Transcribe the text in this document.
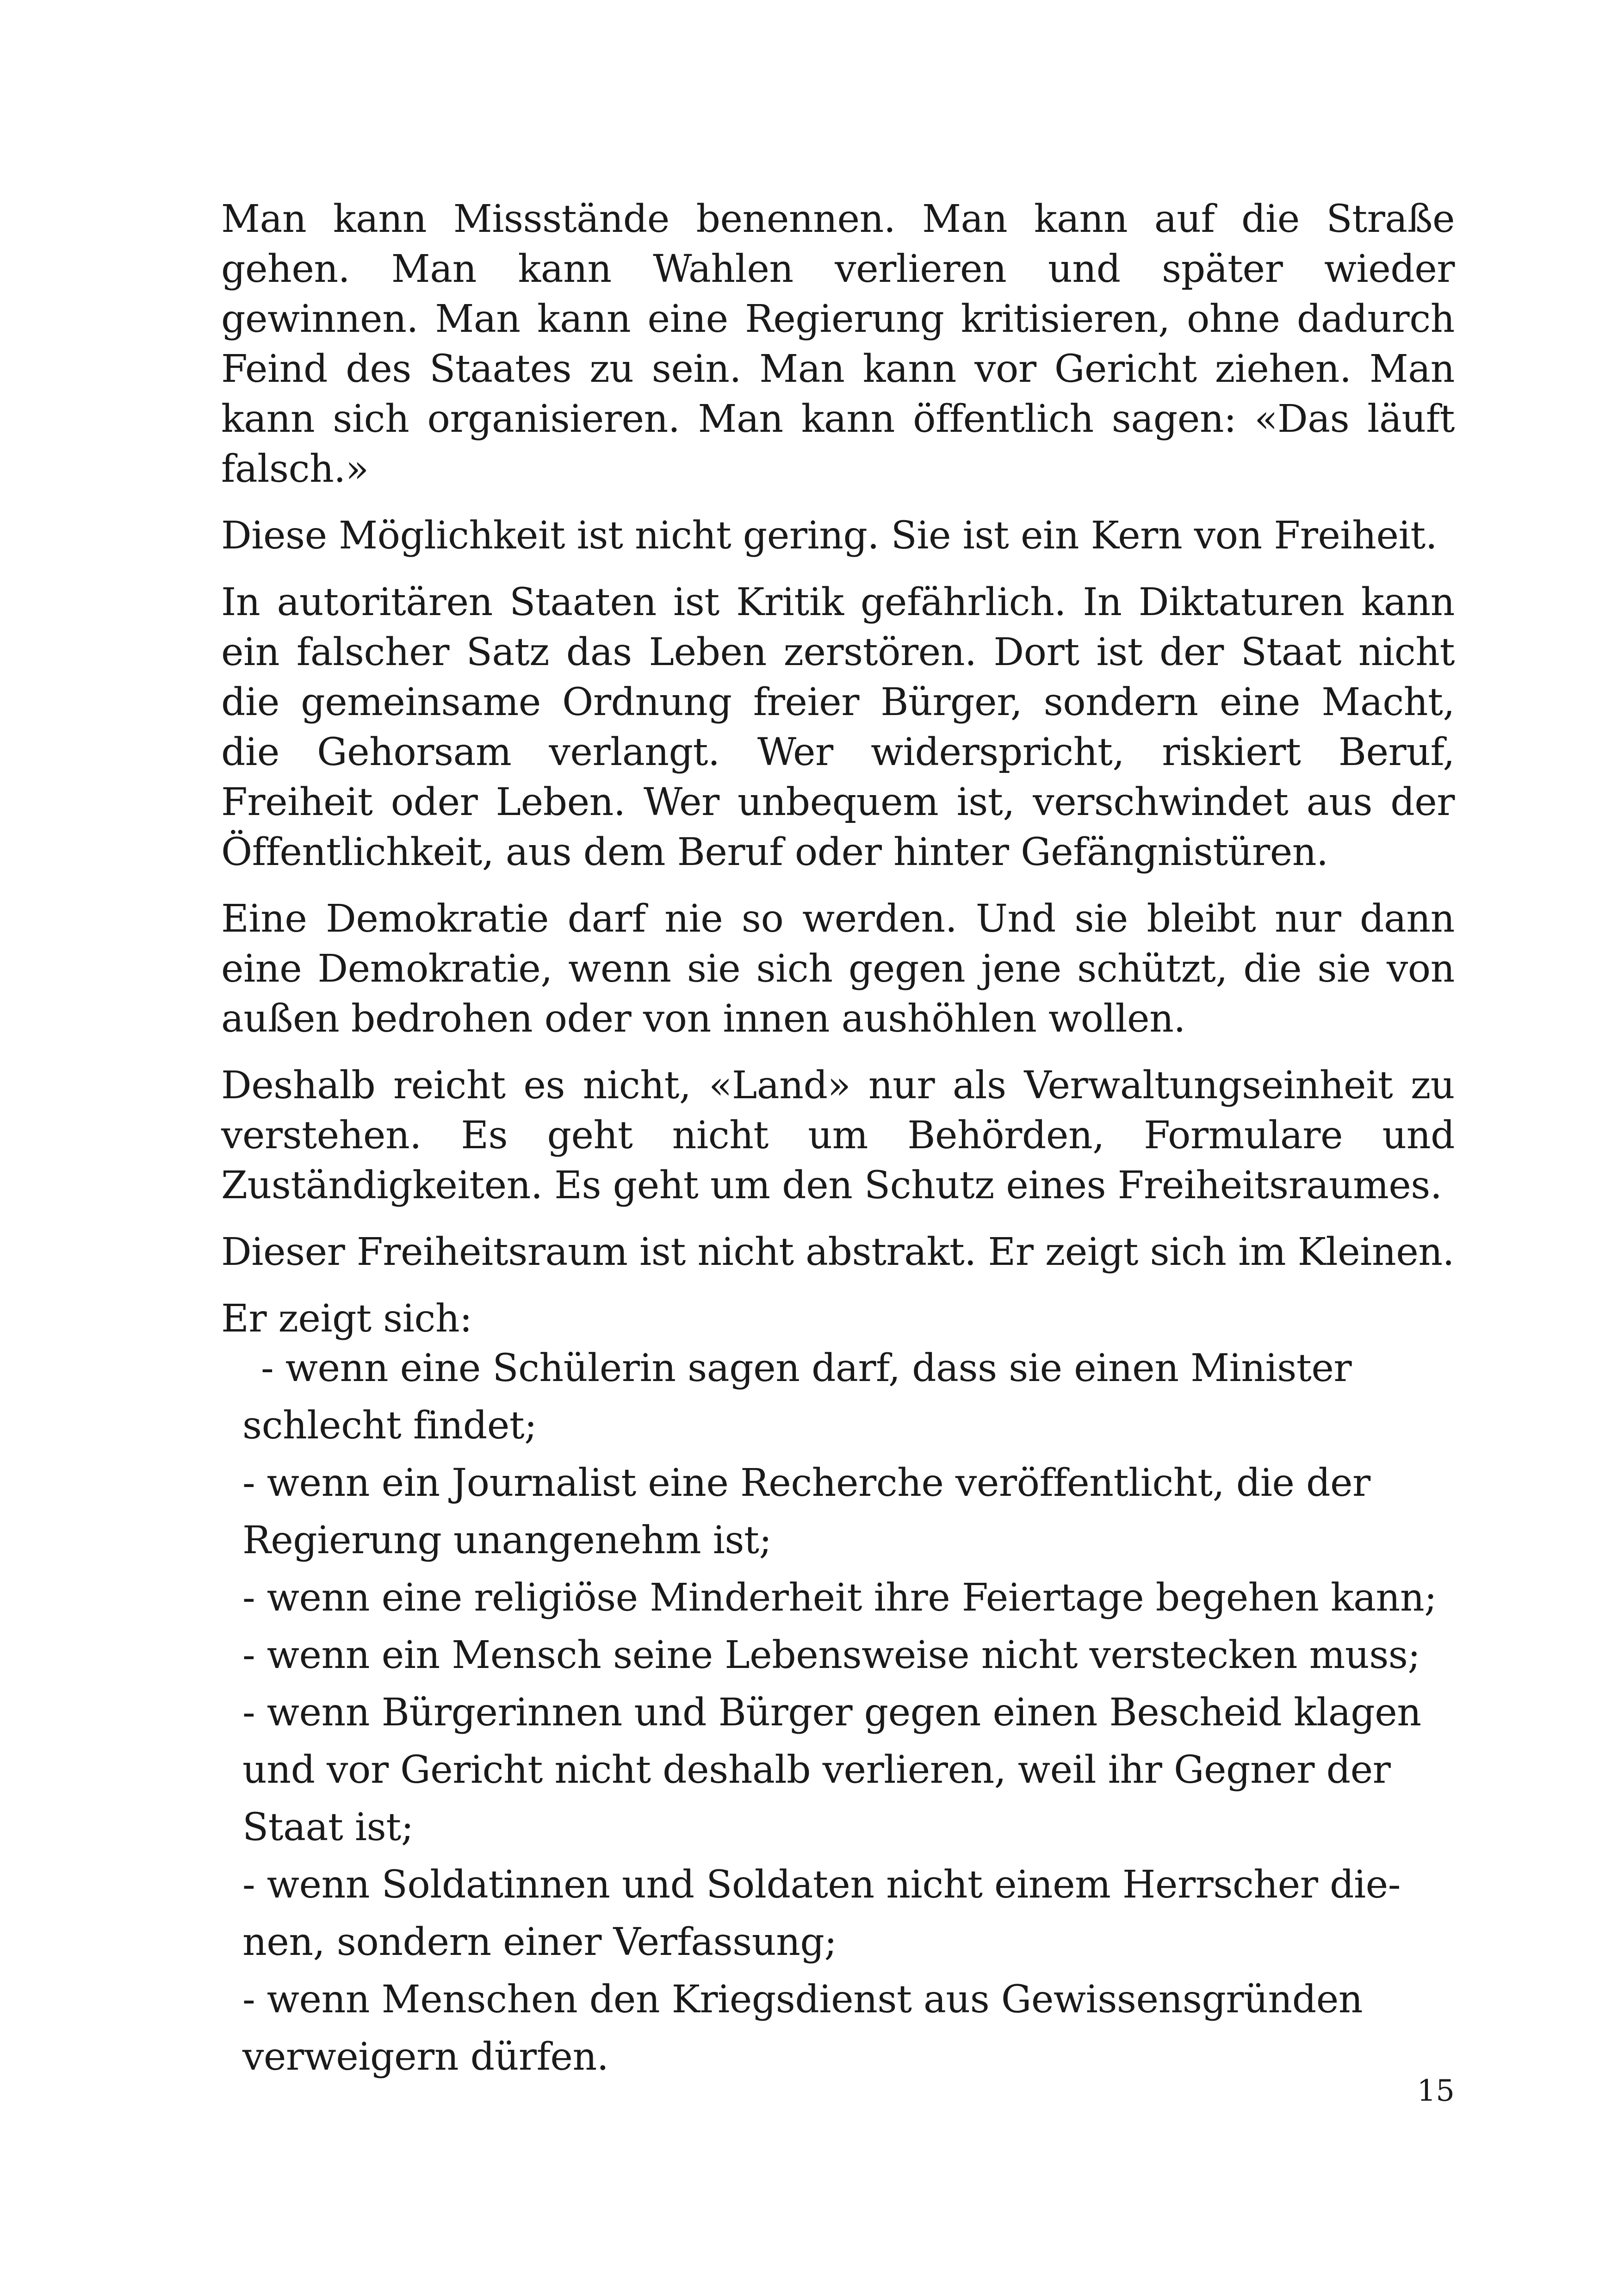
Man kann Missstände benennen. Man kann auf die Straße gehen. Man kann Wahlen verlieren und später wieder gewinnen. Man kann eine Regierung kritisieren, ohne dadurch Feind des Staates zu sein. Man kann vor Gericht ziehen. Man kann sich organisieren. Man kann öffentlich sagen: «Das läuft falsch.»

Diese Möglichkeit ist nicht gering. Sie ist ein Kern von Freiheit.

In autoritären Staaten ist Kritik gefährlich. In Diktaturen kann ein falscher Satz das Leben zerstören. Dort ist der Staat nicht die gemeinsame Ordnung freier Bürger, sondern eine Macht, die Gehorsam verlangt. Wer widerspricht, riskiert Beruf, Freiheit oder Leben. Wer unbequem ist, verschwindet aus der Öffentlichkeit, aus dem Beruf oder hinter Gefängnistüren.

Eine Demokratie darf nie so werden. Und sie bleibt nur dann eine Demokratie, wenn sie sich gegen jene schützt, die sie von außen bedrohen oder von innen aushöhlen wollen.

Deshalb reicht es nicht, «Land» nur als Verwaltungseinheit zu verstehen. Es geht nicht um Behörden, Formulare und Zuständigkeiten. Es geht um den Schutz eines Freiheitsraumes.

Dieser Freiheitsraum ist nicht abstrakt. Er zeigt sich im Kleinen.

Er zeigt sich:

- wenn eine Schülerin sagen darf, dass sie einen Minister schlecht findet;
- wenn ein Journalist eine Recherche veröffentlicht, die der Regierung unangenehm ist;
- wenn eine religiöse Minderheit ihre Feiertage begehen kann;
- wenn ein Mensch seine Lebensweise nicht verstecken muss;
- wenn Bürgerinnen und Bürger gegen einen Bescheid klagen und vor Gericht nicht deshalb verlieren, weil ihr Gegner der Staat ist;
- wenn Soldatinnen und Soldaten nicht einem Herrscher dienen, sondern einer Verfassung;
- wenn Menschen den Kriegsdienst aus Gewissensgründen verweigern dürfen.
15
